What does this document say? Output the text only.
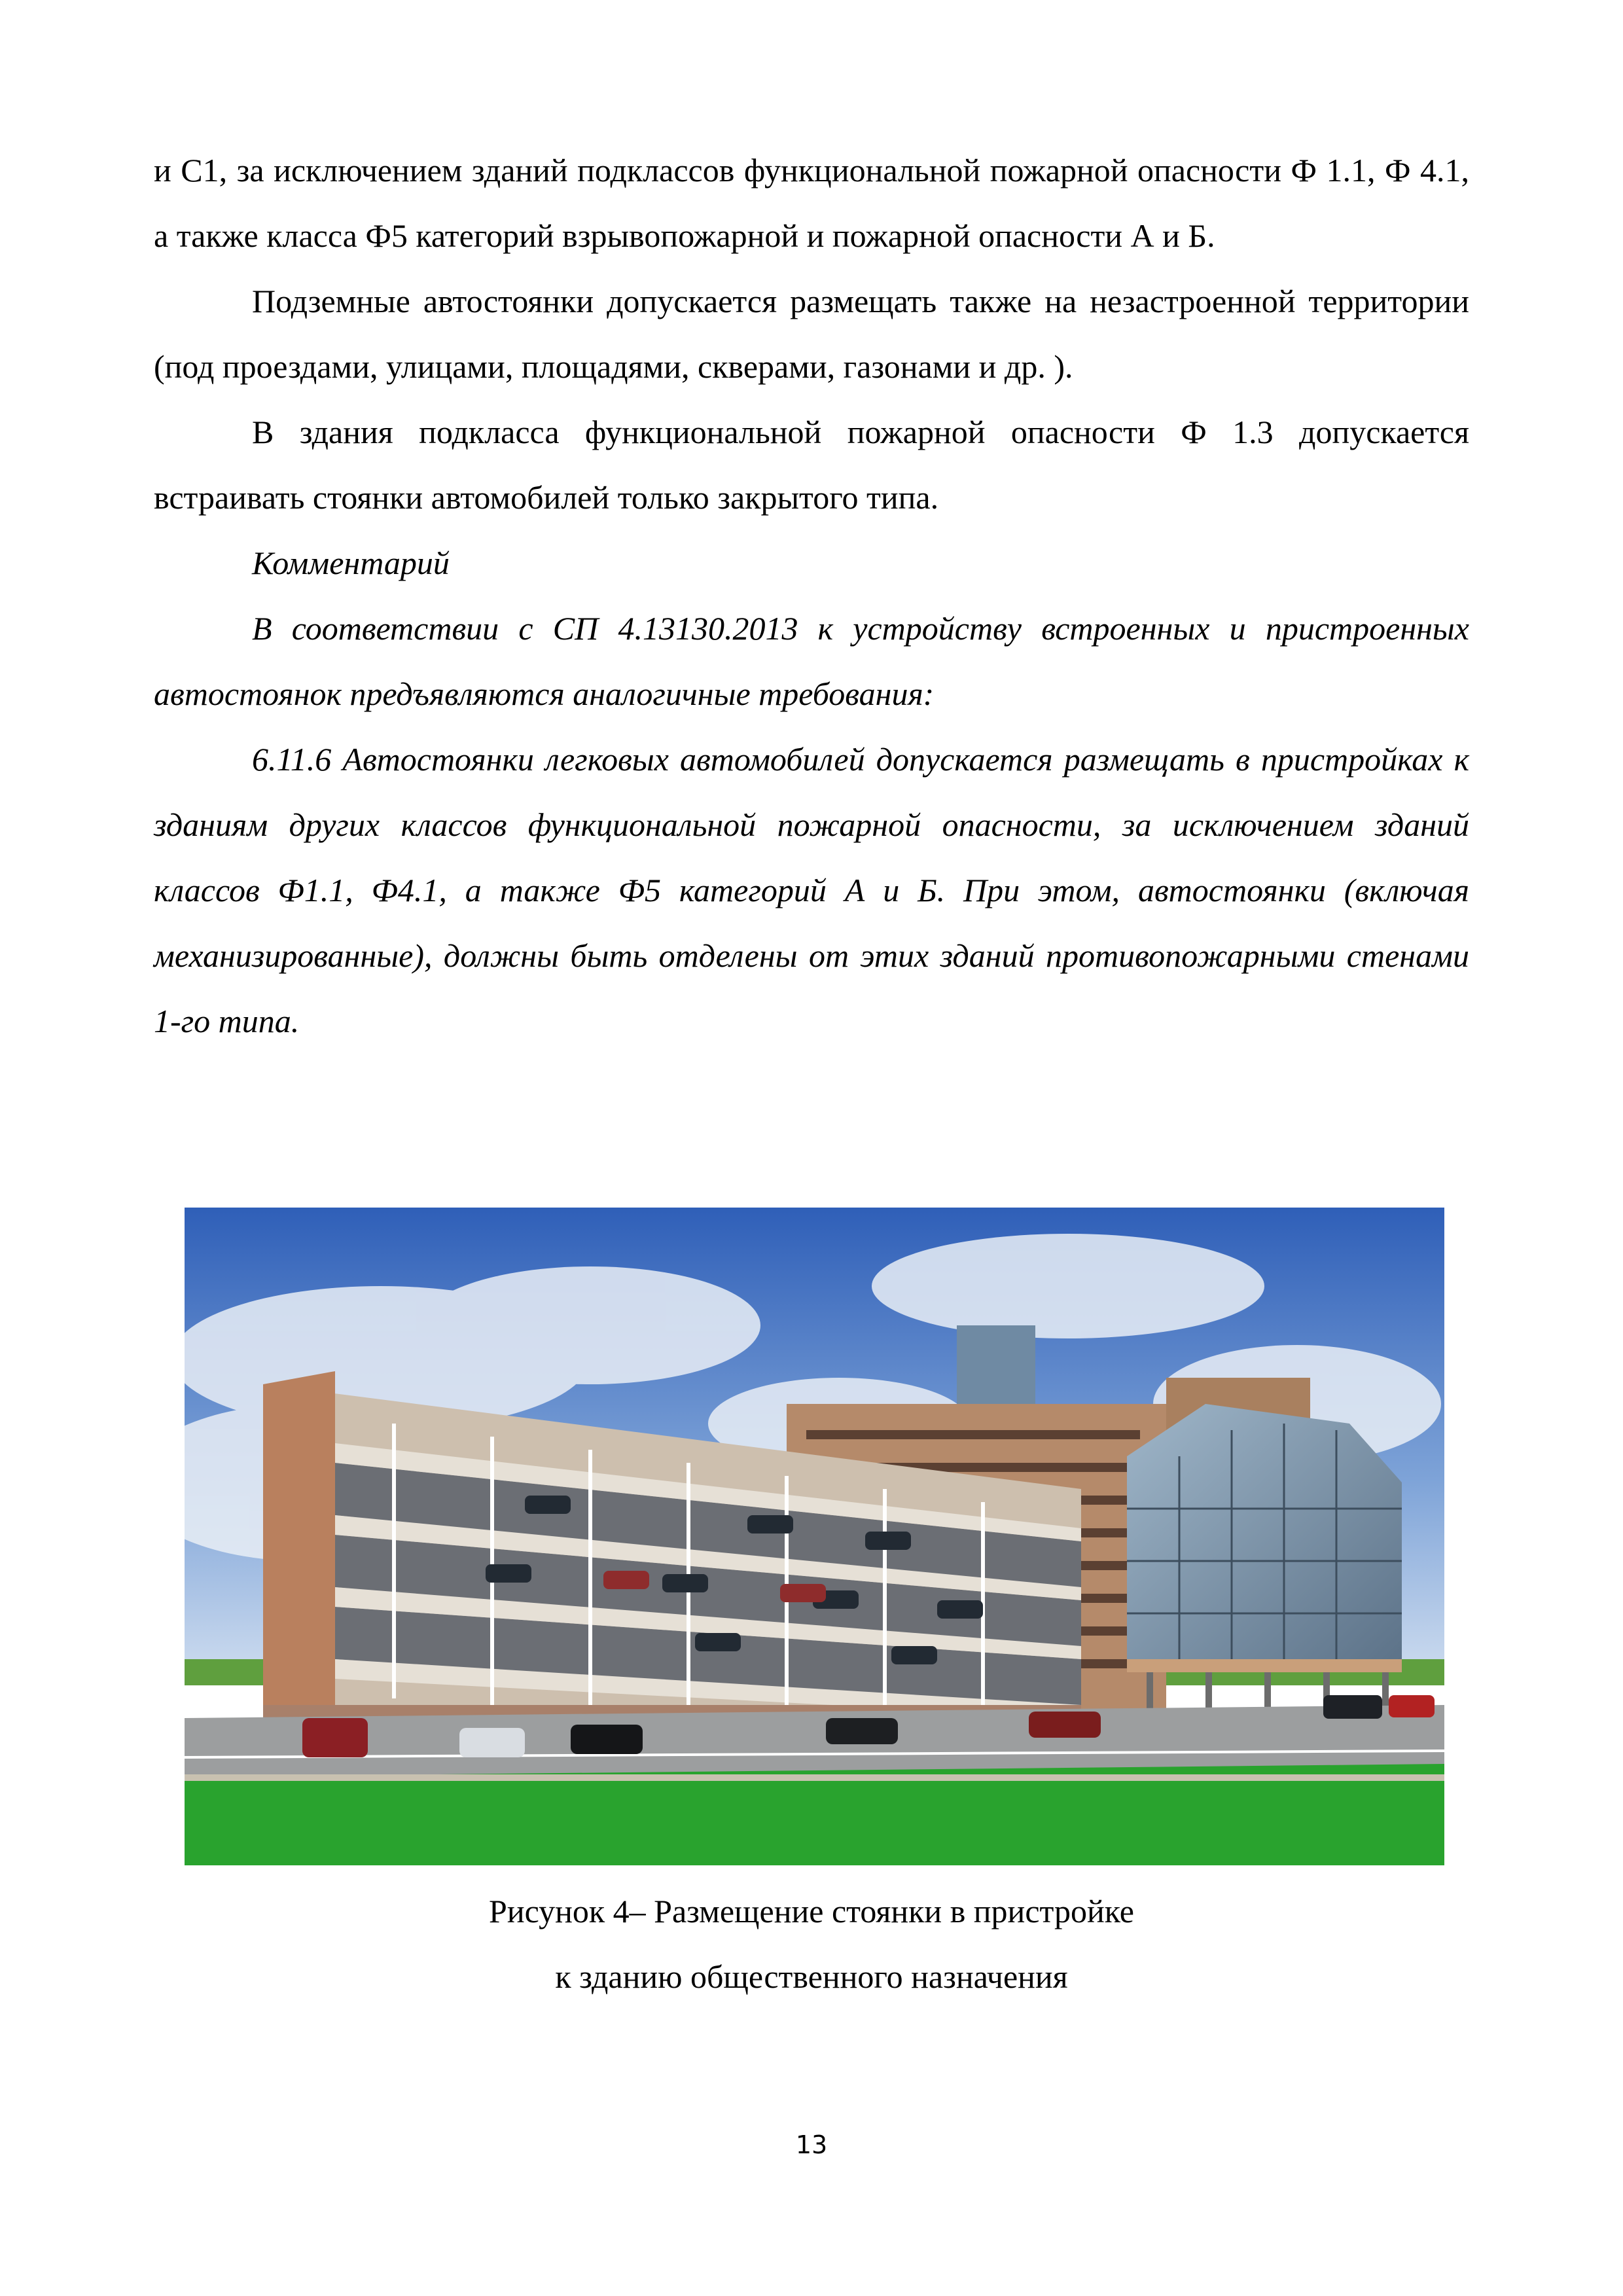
и С1, за исключением зданий подклассов функциональной пожарной опасности Ф 1.1, Ф 4.1, а также класса Ф5 категорий взрывопожарной и пожарной опасности А и Б.

Подземные автостоянки допускается размещать также на незастроенной территории (под проездами, улицами, площадями, скверами, газонами и др. ).

В здания подкласса функциональной пожарной опасности Ф 1.3 допускается встраивать стоянки автомобилей только закрытого типа.

Комментарий

В соответствии с СП 4.13130.2013 к устройству встроенных и пристроенных автостоянок предъявляются аналогичные требования:

6.11.6 Автостоянки легковых автомобилей допускается размещать в пристройках к зданиям других классов функциональной пожарной опасности, за исключением зданий классов Ф1.1, Ф4.1, а также Ф5 категорий А и Б. При этом, автостоянки (включая механизированные), должны быть отделены от этих зданий противопожарными стенами 1-го типа.

Рисунок 4– Размещение стоянки в пристройке
к зданию общественного назначения
13
